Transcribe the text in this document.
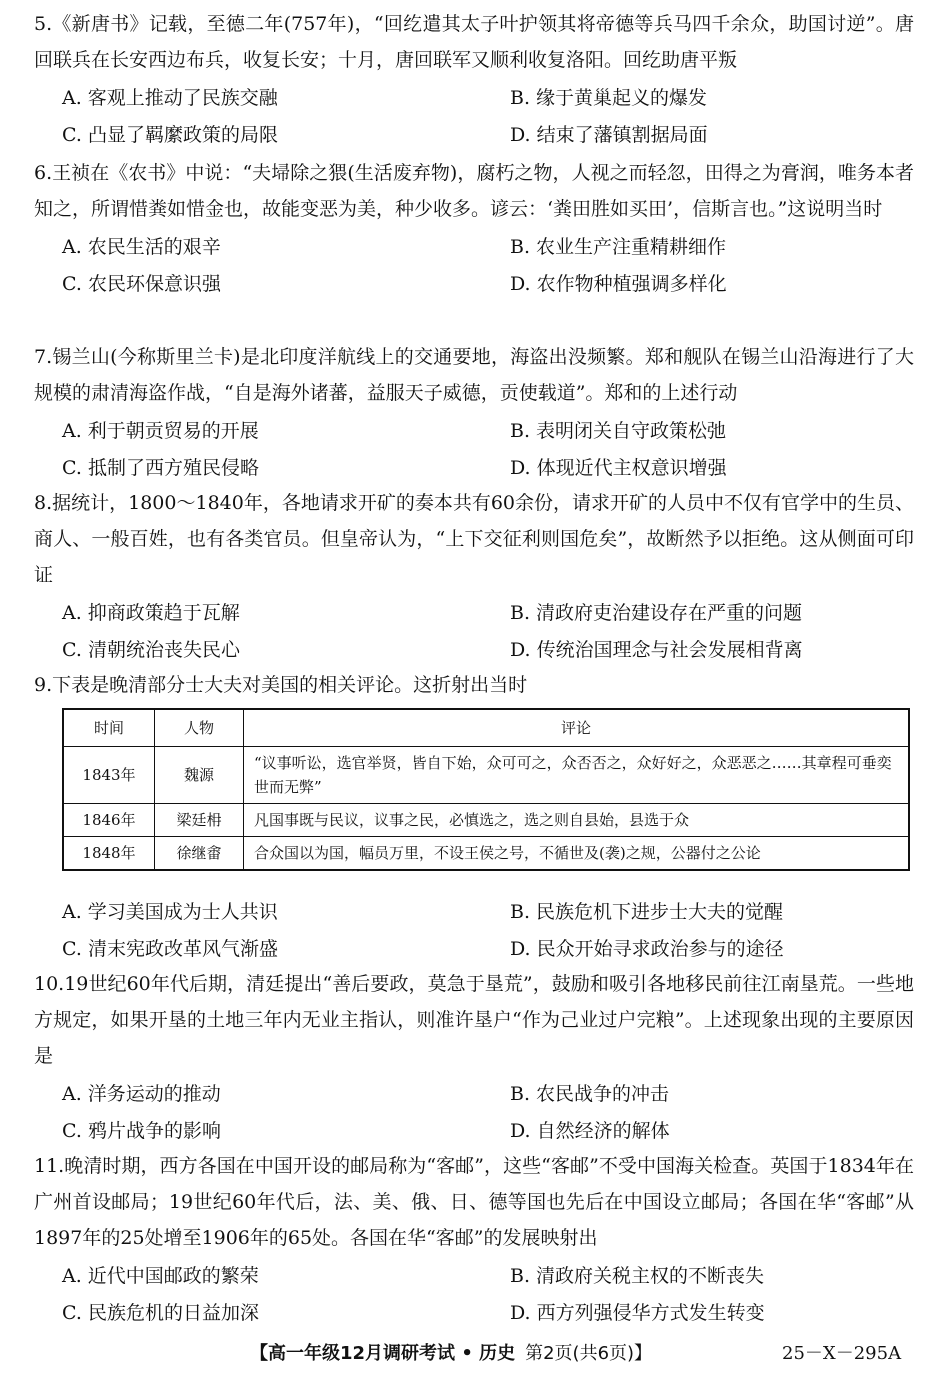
5.《新唐书》记载，至德二年(757年)，“回纥遣其太子叶护领其将帝德等兵马四千余众，助国讨逆”。唐回联兵在长安西边布兵，收复长安；十月，唐回联军又顺利收复洛阳。回纥助唐平叛

A. 客观上推动了民族交融	B. 缘于黄巢起义的爆发
C. 凸显了羁縻政策的局限	D. 结束了藩镇割据局面

6.王祯在《农书》中说：“夫埽除之猥(生活废弃物)，腐朽之物，人视之而轻忽，田得之为膏润，唯务本者知之，所谓惜粪如惜金也，故能变恶为美，种少收多。谚云：‘粪田胜如买田’，信斯言也。”这说明当时

A. 农民生活的艰辛	B. 农业生产注重精耕细作
C. 农民环保意识强	D. 农作物种植强调多样化

7.锡兰山(今称斯里兰卡)是北印度洋航线上的交通要地，海盗出没频繁。郑和舰队在锡兰山沿海进行了大规模的肃清海盗作战，“自是海外诸蕃，益服天子威德，贡使载道”。郑和的上述行动

A. 利于朝贡贸易的开展	B. 表明闭关自守政策松弛
C. 抵制了西方殖民侵略	D. 体现近代主权意识增强

8.据统计，1800～1840年，各地请求开矿的奏本共有60余份，请求开矿的人员中不仅有官学中的生员、商人、一般百姓，也有各类官员。但皇帝认为，“上下交征利则国危矣”，故断然予以拒绝。这从侧面可印证

A. 抑商政策趋于瓦解	B. 清政府吏治建设存在严重的问题
C. 清朝统治丧失民心	D. 传统治国理念与社会发展相背离

9.下表是晚清部分士大夫对美国的相关评论。这折射出当时

时间	人物	评论
1843年	魏源	“议事听讼，选官举贤，皆自下始，众可可之，众否否之，众好好之，众恶恶之……其章程可垂奕世而无弊”
1846年	梁廷枏	凡国事既与民议，议事之民，必慎选之，选之则自县始，县选于众
1848年	徐继畬	合众国以为国，幅员万里，不设王侯之号，不循世及(袭)之规，公器付之公论
A. 学习美国成为士人共识	B. 民族危机下进步士大夫的觉醒
C. 清末宪政改革风气渐盛	D. 民众开始寻求政治参与的途径

10.19世纪60年代后期，清廷提出“善后要政，莫急于垦荒”，鼓励和吸引各地移民前往江南垦荒。一些地方规定，如果开垦的土地三年内无业主指认，则准许垦户“作为己业过户完粮”。上述现象出现的主要原因是

A. 洋务运动的推动	B. 农民战争的冲击
C. 鸦片战争的影响	D. 自然经济的解体

11.晚清时期，西方各国在中国开设的邮局称为“客邮”，这些“客邮”不受中国海关检查。英国于1834年在广州首设邮局；19世纪60年代后，法、美、俄、日、德等国也先后在中国设立邮局；各国在华“客邮”从1897年的25处增至1906年的65处。各国在华“客邮”的发展映射出

A. 近代中国邮政的繁荣	B. 清政府关税主权的不断丧失
C. 民族危机的日益加深	D. 西方列强侵华方式发生转变
【高一年级12月调研考试 • 历史 第2页(共6页)】	25－X－295A
